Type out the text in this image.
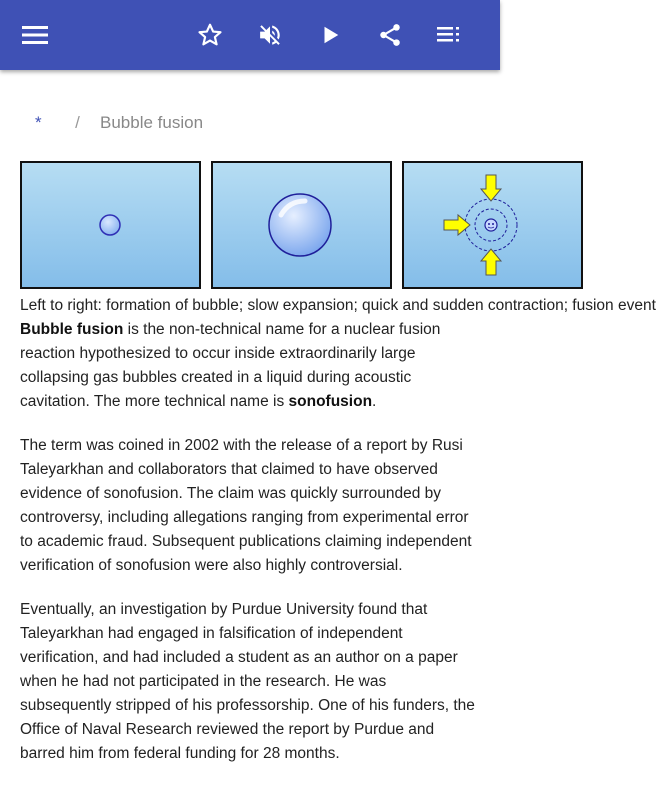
*	/	Bubble fusion
Left to right: formation of bubble; slow expansion; quick and sudden contraction; fusion event

Bubble fusion is the non-technical name for a nuclear fusion reaction hypothesized to occur inside extraordinarily large collapsing gas bubbles created in a liquid during acoustic cavitation. The more technical name is sonofusion.

The term was coined in 2002 with the release of a report by Rusi Taleyarkhan and collaborators that claimed to have observed evidence of sonofusion. The claim was quickly surrounded by controversy, including allegations ranging from experimental error to academic fraud. Subsequent publications claiming independent verification of sonofusion were also highly controversial.

Eventually, an investigation by Purdue University found that Taleyarkhan had engaged in falsification of independent verification, and had included a student as an author on a paper when he had not participated in the research. He was subsequently stripped of his professorship. One of his funders, the Office of Naval Research reviewed the report by Purdue and barred him from federal funding for 28 months.
